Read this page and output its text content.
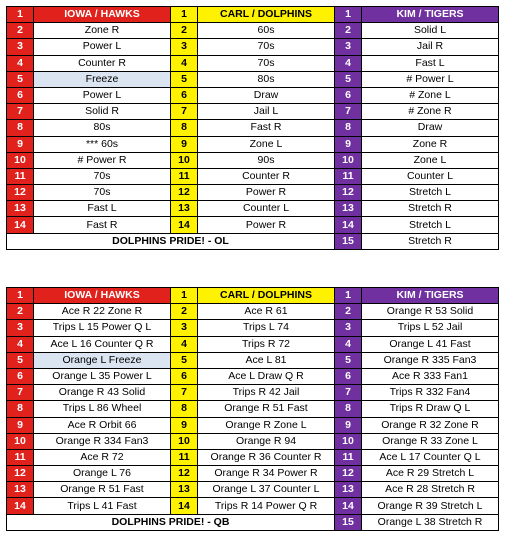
1	IOWA / HAWKS	1	CARL / DOLPHINS	1	KIM / TIGERS
2	Zone R	2	60s	2	Solid L
3	Power L	3	70s	3	Jail R
4	Counter R	4	70s	4	Fast L
5	Freeze	5	80s	5	# Power L
6	Power L	6	Draw	6	# Zone L
7	Solid R	7	Jail L	7	# Zone R
8	80s	8	Fast R	8	Draw
9	*** 60s	9	Zone L	9	Zone R
10	# Power R	10	90s	10	Zone L
11	70s	11	Counter R	11	Counter L
12	70s	12	Power R	12	Stretch L
13	Fast L	13	Counter L	13	Stretch R
14	Fast R	14	Power R	14	Stretch L
DOLPHINS PRIDE! - OL				15	Stretch R
1	IOWA / HAWKS	1	CARL / DOLPHINS	1	KIM / TIGERS
2	Ace R 22 Zone R	2	Ace R 61	2	Orange R 53 Solid
3	Trips L 15 Power Q L	3	Trips L 74	3	Trips L 52 Jail
4	Ace L 16 Counter Q R	4	Trips R 72	4	Orange L 41 Fast
5	Orange L Freeze	5	Ace L 81	5	Orange R 335 Fan3
6	Orange L 35 Power L	6	Ace L Draw Q R	6	Ace R 333 Fan1
7	Orange R 43 Solid	7	Trips R 42 Jail	7	Trips R 332 Fan4
8	Trips L 86 Wheel	8	Orange R 51 Fast	8	Trips R Draw Q L
9	Ace R Orbit 66	9	Orange R Zone L	9	Orange R 32 Zone R
10	Orange R 334 Fan3	10	Orange R 94	10	Orange R 33 Zone L
11	Ace R 72	11	Orange R 36 Counter R	11	Ace L 17 Counter Q L
12	Orange L 76	12	Orange R 34 Power R	12	Ace R 29 Stretch L
13	Orange R 51 Fast	13	Orange L 37 Counter L	13	Ace R 28 Stretch R
14	Trips L 41 Fast	14	Trips R 14 Power Q R	14	Orange R 39 Stretch L
DOLPHINS PRIDE! - QB				15	Orange L 38 Stretch R
